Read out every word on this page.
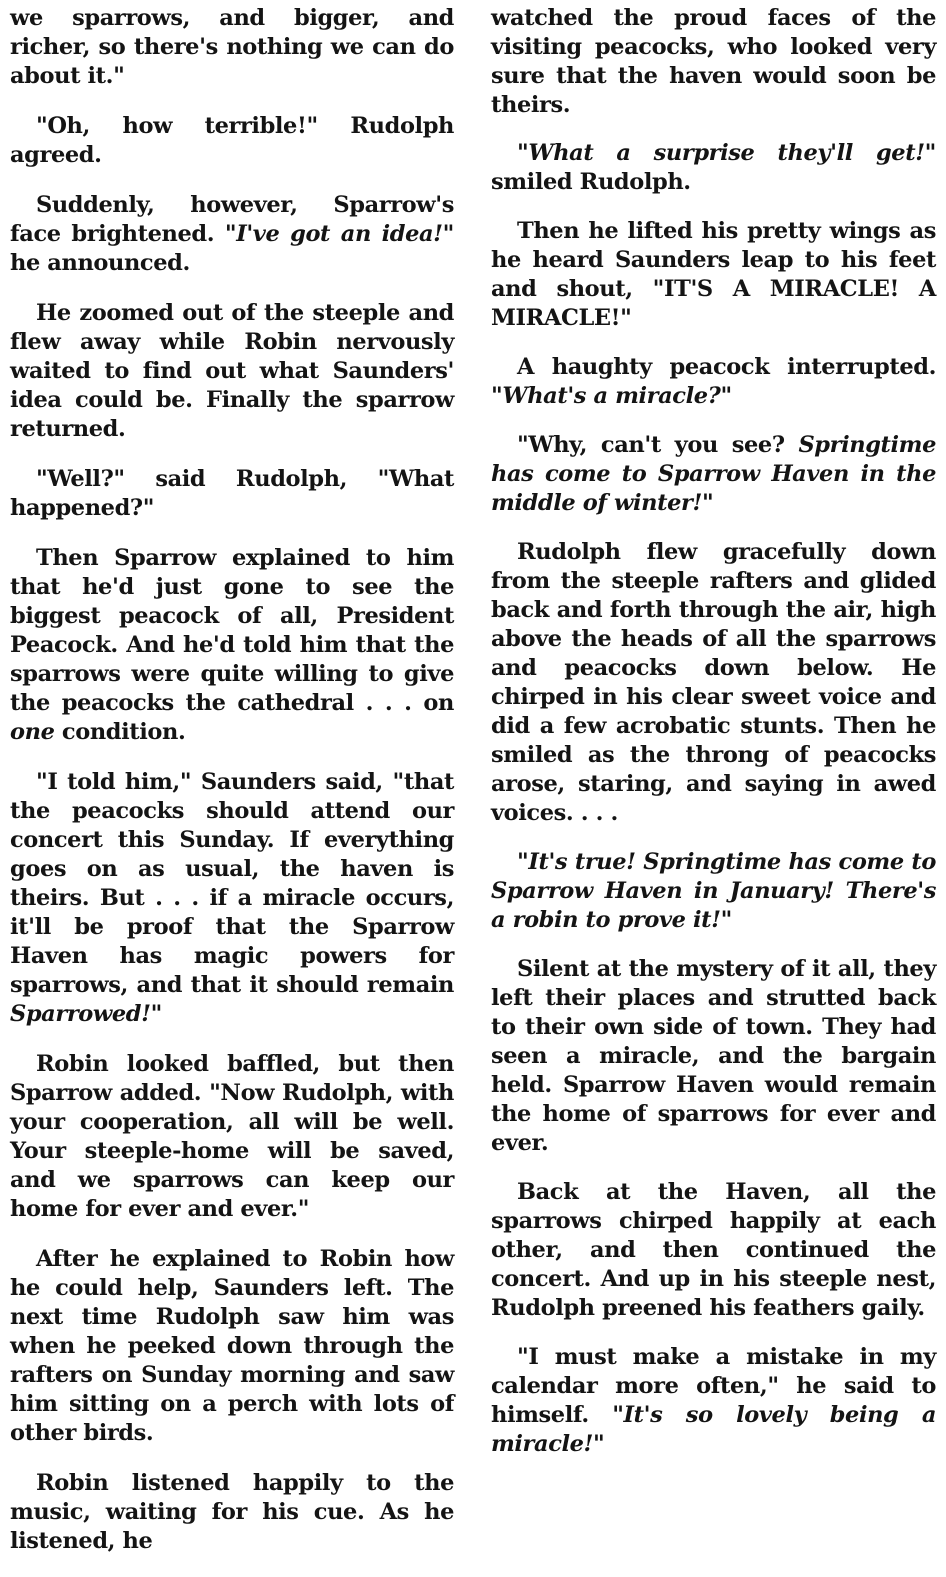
we sparrows, and bigger, and richer, so there's nothing we can do about it."

"Oh, how terrible!" Rudolph agreed.

Suddenly, however, Sparrow's face brightened. "I've got an idea!" he announced.

He zoomed out of the steeple and flew away while Robin nervously waited to find out what Saunders' idea could be. Finally the sparrow returned.

"Well?" said Rudolph, "What happened?"

Then Sparrow explained to him that he'd just gone to see the biggest peacock of all, President Peacock. And he'd told him that the sparrows were quite willing to give the peacocks the cathedral . . . on one condition.

"I told him," Saunders said, "that the peacocks should attend our concert this Sunday. If everything goes on as usual, the haven is theirs. But . . . if a miracle occurs, it'll be proof that the Sparrow Haven has magic powers for sparrows, and that it should remain Sparrowed!"

Robin looked baffled, but then Sparrow added. "Now Rudolph, with your cooperation, all will be well. Your steeple-home will be saved, and we sparrows can keep our home for ever and ever."

After he explained to Robin how he could help, Saunders left. The next time Rudolph saw him was when he peeked down through the rafters on Sunday morning and saw him sitting on a perch with lots of other birds.

Robin listened happily to the music, waiting for his cue. As he listened, he

watched the proud faces of the visiting peacocks, who looked very sure that the haven would soon be theirs.

"What a surprise they'll get!" smiled Rudolph.

Then he lifted his pretty wings as he heard Saunders leap to his feet and shout, "IT'S A MIRACLE! A MIRACLE!"

A haughty peacock interrupted. "What's a miracle?"

"Why, can't you see? Springtime has come to Sparrow Haven in the middle of winter!"

Rudolph flew gracefully down from the steeple rafters and glided back and forth through the air, high above the heads of all the sparrows and peacocks down below. He chirped in his clear sweet voice and did a few acrobatic stunts. Then he smiled as the throng of peacocks arose, staring, and saying in awed voices. . . .

"It's true! Springtime has come to Sparrow Haven in January! There's a robin to prove it!"

Silent at the mystery of it all, they left their places and strutted back to their own side of town. They had seen a miracle, and the bargain held. Sparrow Haven would remain the home of sparrows for ever and ever.

Back at the Haven, all the sparrows chirped happily at each other, and then continued the concert. And up in his steeple nest, Rudolph preened his feathers gaily.

"I must make a mistake in my calendar more often," he said to himself. "It's so lovely being a miracle!"
